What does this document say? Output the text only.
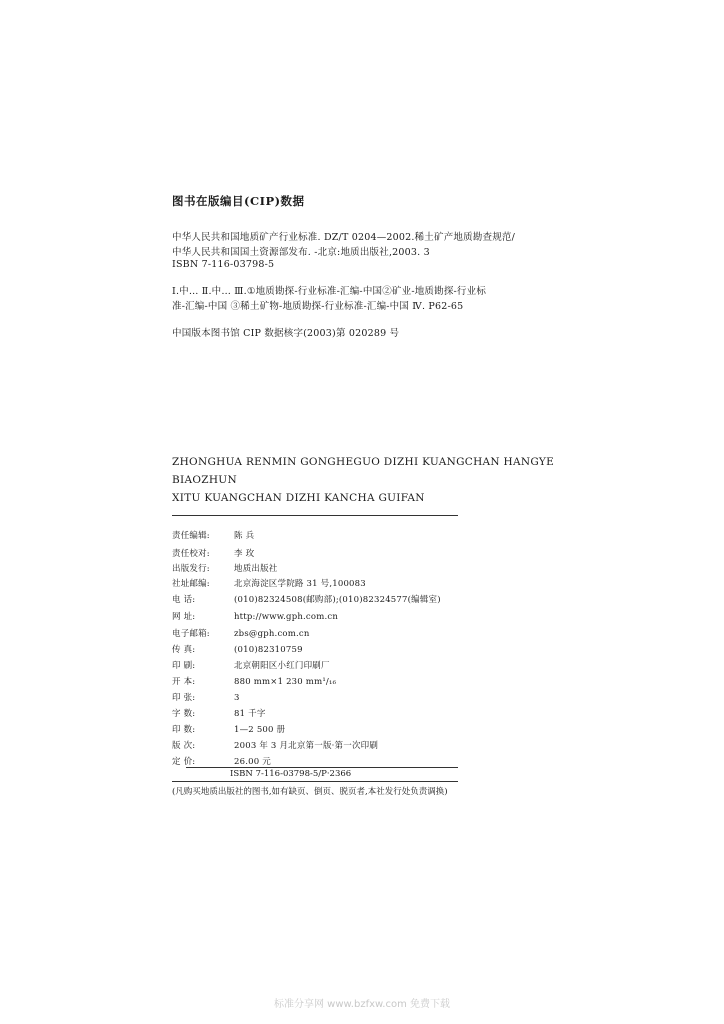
图书在版编目(CIP)数据
中华人民共和国地质矿产行业标准. DZ/T 0204—2002.稀土矿产地质勘查规范/
中华人民共和国国土资源部发布. -北京:地质出版社,2003. 3
ISBN 7-116-03798-5
Ⅰ.中… Ⅱ.中… Ⅲ.①地质勘探-行业标准-汇编-中国②矿业-地质勘探-行业标
准-汇编-中国 ③稀土矿物-地质勘探-行业标准-汇编-中国 Ⅳ. P62-65
中国版本图书馆 CIP 数据核字(2003)第 020289 号
ZHONGHUA RENMIN GONGHEGUO DIZHI KUANGCHAN HANGYE
BIAOZHUN
XITU KUANGCHAN DIZHI KANCHA GUIFAN
责任编辑:	陈 兵
责任校对:	李 玫
出版发行:	地质出版社
社址邮编:	北京海淀区学院路 31 号,100083
电 话:	(010)82324508(邮购部);(010)82324577(编辑室)
网 址:	http://www.gph.com.cn
电子邮箱:	zbs@gph.com.cn
传 真:	(010)82310759
印 刷:	北京朝阳区小红门印刷厂
开 本:	880 mm×1 230 mm¹/₁₆
印 张:	3
字 数:	81 千字
印 数:	1—2 500 册
版 次:	2003 年 3 月北京第一版·第一次印刷
定 价:	26.00 元
ISBN 7-116-03798-5/P·2366
(凡购买地质出版社的图书,如有缺页、倒页、脱页者,本社发行处负责调换)
标准分享网 www.bzfxw.com 免费下载
